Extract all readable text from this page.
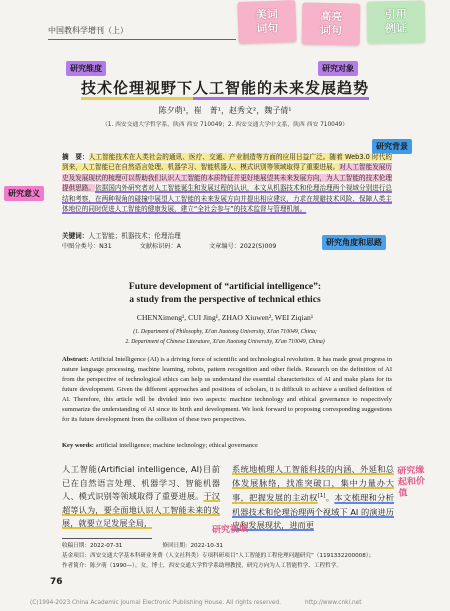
中国教科学增刊（上）
美词
词句
高亮
词句
引用
例证
研究维度	研究对象
研究背景
研究意义
研究角度和思路
技术伦理视野下人工智能的未来发展趋势
陈夕萌¹，崔　菁¹，赵秀文²，魏子倩¹
（1. 西安交通大学哲学系，陕西 西安 710049；2. 西安交通大学中文系，陕西 西安 710049）
摘　要：人工智能技术在人类社会的通讯、医疗、交通、产业制造等方面的应用日益广泛。随着 Web3.0 时代的到来，人工智能已在自然语言处理、机器学习、智能机器人、模式识别等领域取得了重要进展。对人工智能发展历史及发展现状的梳理可以帮助我们认识人工智能的本质特征并更好地展望其未来发展方向，为人工智能的技术伦理提供思路。依据国内外研究者对人工智能诞生和发展过程的认识，本文从机器技术和伦理治理两个视域分别进行总结和考察，在两种视角的碰撞中展望人工智能的未来发展方向并提出相应建议，力求在规避技术风险、保障人类主体地位的同时促进人工智能的健康发展，建立“全社会参与”的技术监督与管理机制。
关键词：人工智能；机器技术；伦理治理
中图分类号：N31	文献标识码：A	文章编号：2022(S)009
Future development of “artificial intelligence”:
a study from the perspective of technical ethics
CHENXimeng¹, CUI Jing¹, ZHAO Xiuwen², WEI Ziqian¹
(1. Department of Philosophy, Xi'an Jiaotong University, Xi'an 710049, China;
2. Department of Chinese Literature, Xi'an Jiaotong University, Xi'an 710049, China)
Abstract: Artificial Intelligence (AI) is a driving force of scientific and technological revolution. It has made great progress in nature language processing, machine learning, robots, pattern recognition and other fields. Research on the definition of AI from the perspective of technological ethics can help us understand the essential characteristics of AI and make plans for its future development. Given the different approaches and positions of scholars, it is difficult to achieve a unified definition of AI. Therefore, this article will be divided into two aspects: machine technology and ethical governance to respectively summarize the understanding of AI since its birth and development. We look forward to proposing corresponding suggestions for its future development from the collision of these two perspectives.
Key words: artificial intelligence; machine technology; ethical governance
人工智能(Artificial intelligence, AI)目前已在自然语言处理、机器学习、智能机器人、模式识别等领域取得了重要进展。于汉超等认为，要全面地认识人工智能未来的发展，就要立足发展全局，
系统地梳理人工智能科技的内涵、外延和总体发展脉络，找准突破口，集中力量办大事，把握发展的主动权[1]。本文梳理和分析机器技术和伦理治理两个视域下 AI 的演进历史和发展现状，进而更
研究缘起和价值
研究视域
收稿日期：2022-07-31	修回日期：2022-10-31
基金项目：西安交通大学基本科研业务费（人文社科类）专项科研项目“人工智能的工程伦理问题研究”（1191332200008）；
作者简介：陈夕萌（1990—），女，博士，西安交通大学哲学系助理教授，研究方向为人工智能哲学、工程哲学。
76
(C)1994-2023 China Academic Journal Electronic Publishing House. All rights reserved.	http://www.cnki.net
